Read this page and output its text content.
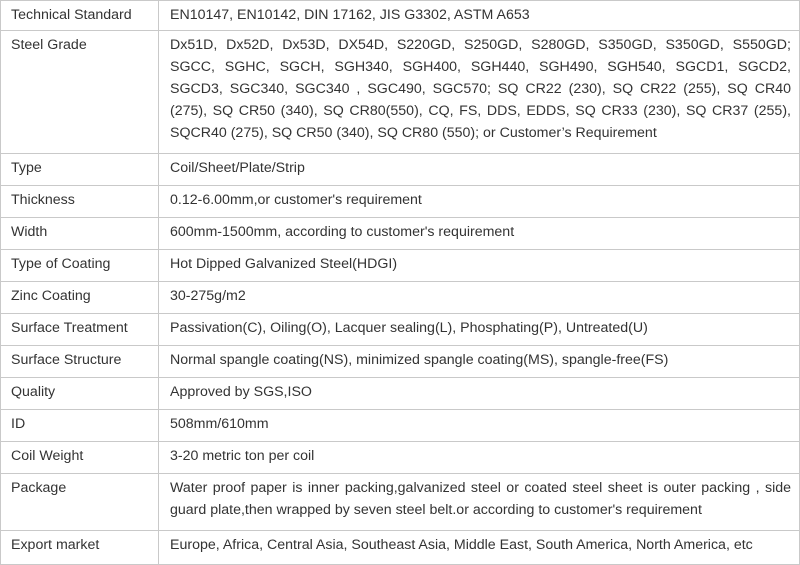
Technical Standard	EN10147, EN10142, DIN 17162, JIS G3302, ASTM A653
Steel Grade	Dx51D, Dx52D, Dx53D, DX54D, S220GD, S250GD, S280GD, S350GD, S350GD, S550GD; SGCC, SGHC, SGCH, SGH340, SGH400, SGH440, SGH490, SGH540, SGCD1, SGCD2, SGCD3, SGC340, SGC340 , SGC490, SGC570; SQ CR22 (230), SQ CR22 (255), SQ CR40 (275), SQ CR50 (340), SQ CR80(550), CQ, FS, DDS, EDDS, SQ CR33 (230), SQ CR37 (255), SQCR40 (275), SQ CR50 (340), SQ CR80 (550); or Customer’s Requirement
Type	Coil/Sheet/Plate/Strip
Thickness	0.12-6.00mm,or customer's requirement
Width	600mm-1500mm, according to customer's requirement
Type of Coating	Hot Dipped Galvanized Steel(HDGI)
Zinc Coating	30-275g/m2
Surface Treatment	Passivation(C), Oiling(O), Lacquer sealing(L), Phosphating(P), Untreated(U)
Surface Structure	Normal spangle coating(NS), minimized spangle coating(MS), spangle-free(FS)
Quality	Approved by SGS,ISO
ID	508mm/610mm
Coil Weight	3-20 metric ton per coil
Package	Water proof paper is inner packing,galvanized steel or coated steel sheet is outer packing , side guard plate,then wrapped by seven steel belt.or according to customer's requirement
Export market	Europe, Africa, Central Asia, Southeast Asia, Middle East, South America, North America, etc
